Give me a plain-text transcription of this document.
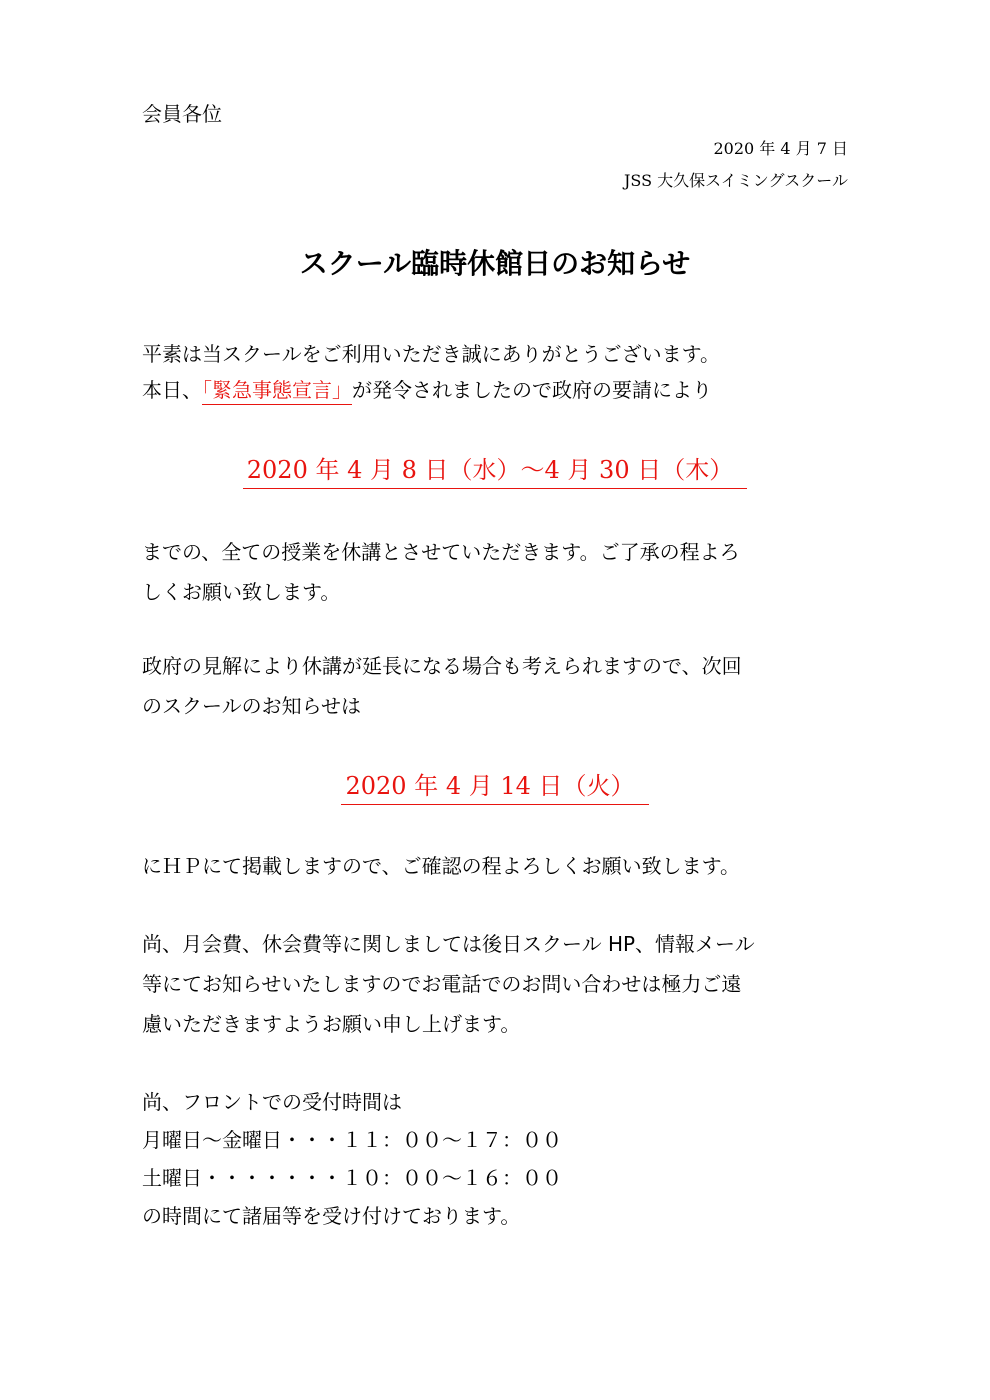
会員各位
2020 年 4 月 7 日
JSS 大久保スイミングスクール
スクール臨時休館日のお知らせ
平素は当スクールをご利用いただき誠にありがとうございます。
本日、「緊急事態宣言」が発令されましたので政府の要請により
2020 年 4 月 8 日（水）～4 月 30 日（木）
までの、全ての授業を休講とさせていただきます。ご了承の程よろ
しくお願い致します。
政府の見解により休講が延長になる場合も考えられますので、次回
のスクールのお知らせは
2020 年 4 月 14 日（火）
にＨＰにて掲載しますので、ご確認の程よろしくお願い致します。
尚、月会費、休会費等に関しましては後日スクール HP、情報メール
等にてお知らせいたしますのでお電話でのお問い合わせは極力ご遠
慮いただきますようお願い申し上げます。
尚、フロントでの受付時間は
月曜日～金曜日・・・１１：００～１７：００
土曜日・・・・・・・１０：００～１６：００
の時間にて諸届等を受け付けております。
